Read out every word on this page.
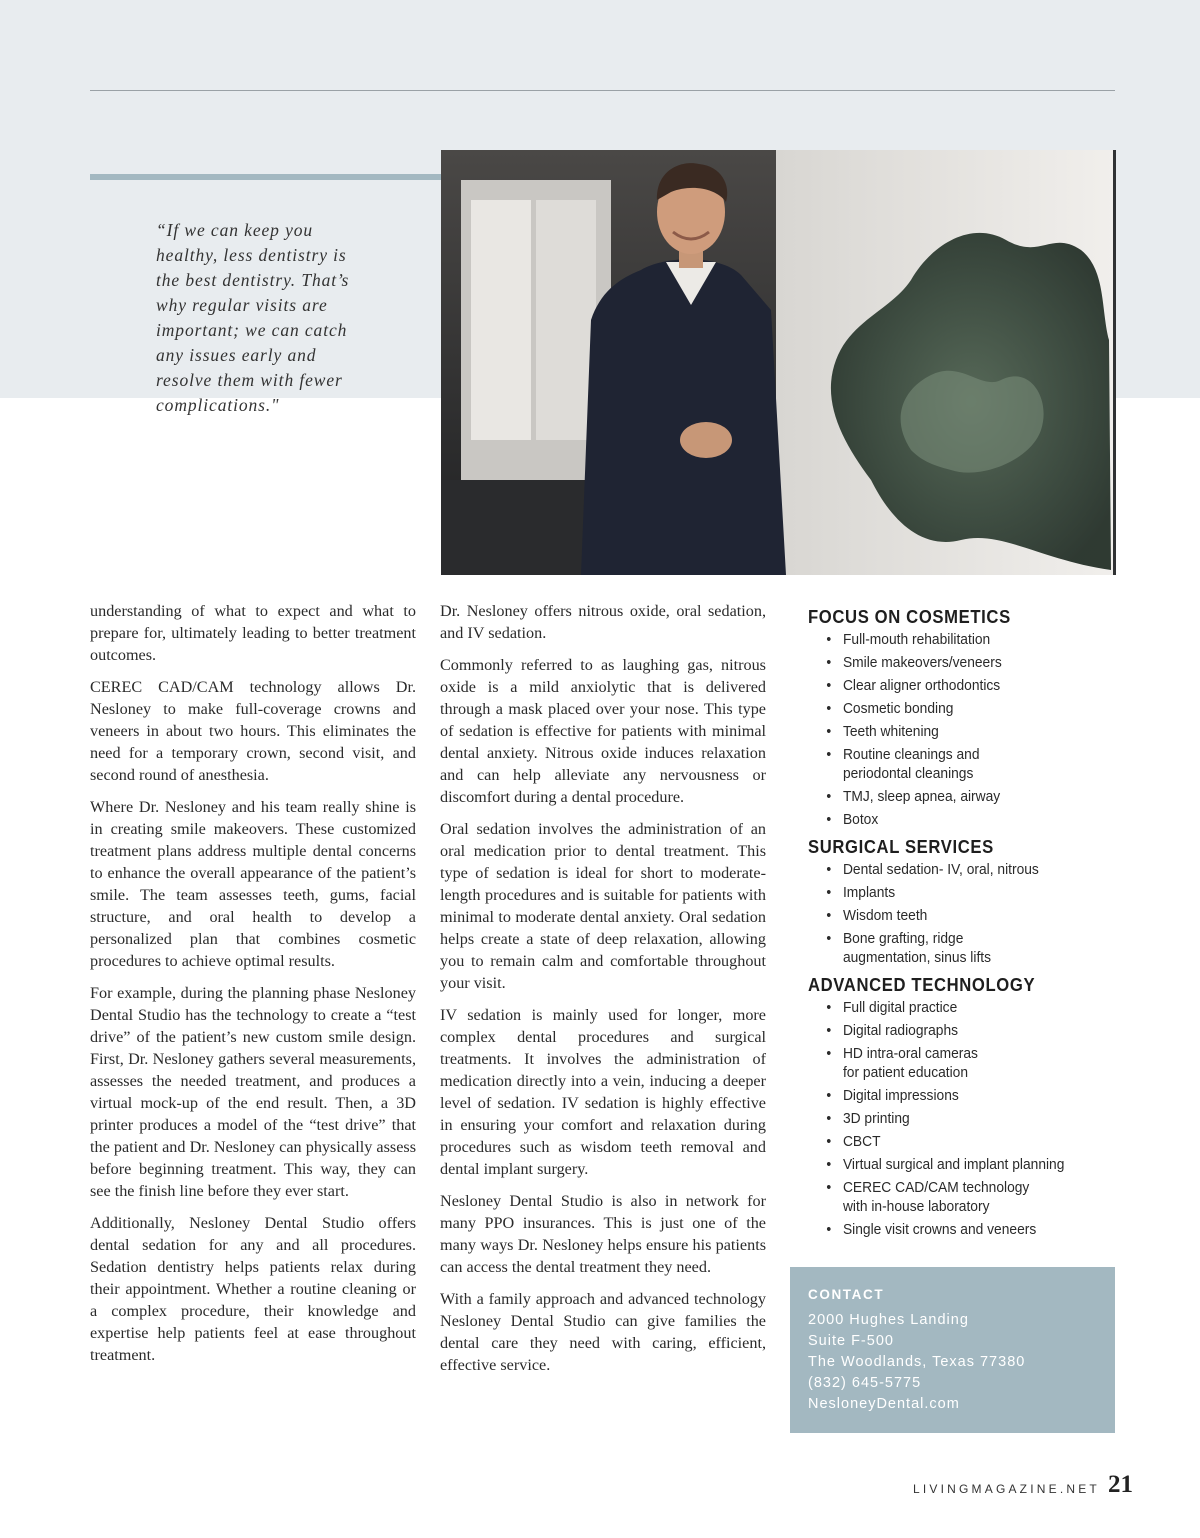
“If we can keep you healthy, less dentistry is the best dentistry. That’s why regular visits are important; we can catch any issues early and resolve them with fewer complications."

understanding of what to expect and what to prepare for, ultimately leading to better treatment outcomes.

CEREC CAD/CAM technology allows Dr. Nesloney to make full-coverage crowns and veneers in about two hours. This eliminates the need for a temporary crown, second visit, and second round of anesthesia.

Where Dr. Nesloney and his team really shine is in creating smile makeovers. These customized treatment plans address multiple dental concerns to enhance the overall appearance of the patient’s smile. The team assesses teeth, gums, facial structure, and oral health to develop a personalized plan that combines cosmetic procedures to achieve optimal results.

For example, during the planning phase Nesloney Dental Studio has the technology to create a “test drive” of the patient’s new custom smile design. First, Dr. Nesloney gathers several measurements, assesses the needed treatment, and produces a virtual mock-up of the end result. Then, a 3D printer produces a model of the “test drive” that the patient and Dr. Nesloney can physically assess before beginning treatment. This way, they can see the finish line before they ever start.

Additionally, Nesloney Dental Studio offers dental sedation for any and all procedures. Sedation dentistry helps patients relax during their appointment. Whether a routine cleaning or a complex procedure, their knowledge and expertise help patients feel at ease throughout treatment.

Dr. Nesloney offers nitrous oxide, oral sedation, and IV sedation.

Commonly referred to as laughing gas, nitrous oxide is a mild anxiolytic that is delivered through a mask placed over your nose. This type of sedation is effective for patients with minimal dental anxiety. Nitrous oxide induces relaxation and can help alleviate any nervousness or discomfort during a dental procedure.

Oral sedation involves the administration of an oral medication prior to dental treatment. This type of sedation is ideal for short to moderate-length procedures and is suitable for patients with minimal to moderate dental anxiety. Oral sedation helps create a state of deep relaxation, allowing you to remain calm and comfortable throughout your visit.

IV sedation is mainly used for longer, more complex dental procedures and surgical treatments. It involves the administration of medication directly into a vein, inducing a deeper level of sedation. IV sedation is highly effective in ensuring your comfort and relaxation during procedures such as wisdom teeth removal and dental implant surgery.

Nesloney Dental Studio is also in network for many PPO insurances. This is just one of the many ways Dr. Nesloney helps ensure his patients can access the dental treatment they need.

With a family approach and advanced technology Nesloney Dental Studio can give families the dental care they need with caring, efficient, effective service.

FOCUS ON COSMETICS
• Full-mouth rehabilitation
• Smile makeovers/veneers
• Clear aligner orthodontics
• Cosmetic bonding
• Teeth whitening
• Routine cleanings and
periodontal cleanings
• TMJ, sleep apnea, airway
• Botox
SURGICAL SERVICES
• Dental sedation- IV, oral, nitrous
• Implants
• Wisdom teeth
• Bone grafting, ridge
augmentation, sinus lifts
ADVANCED TECHNOLOGY
• Full digital practice
• Digital radiographs
• HD intra-oral cameras
for patient education
• Digital impressions
• 3D printing
• CBCT
• Virtual surgical and implant planning
• CEREC CAD/CAM technology
with in-house laboratory
• Single visit crowns and veneers
CONTACT
2000 Hughes Landing
Suite F-500
The Woodlands, Texas 77380
(832) 645-5775
NesloneyDental.com
LIVINGMAGAZINE.NET 21
